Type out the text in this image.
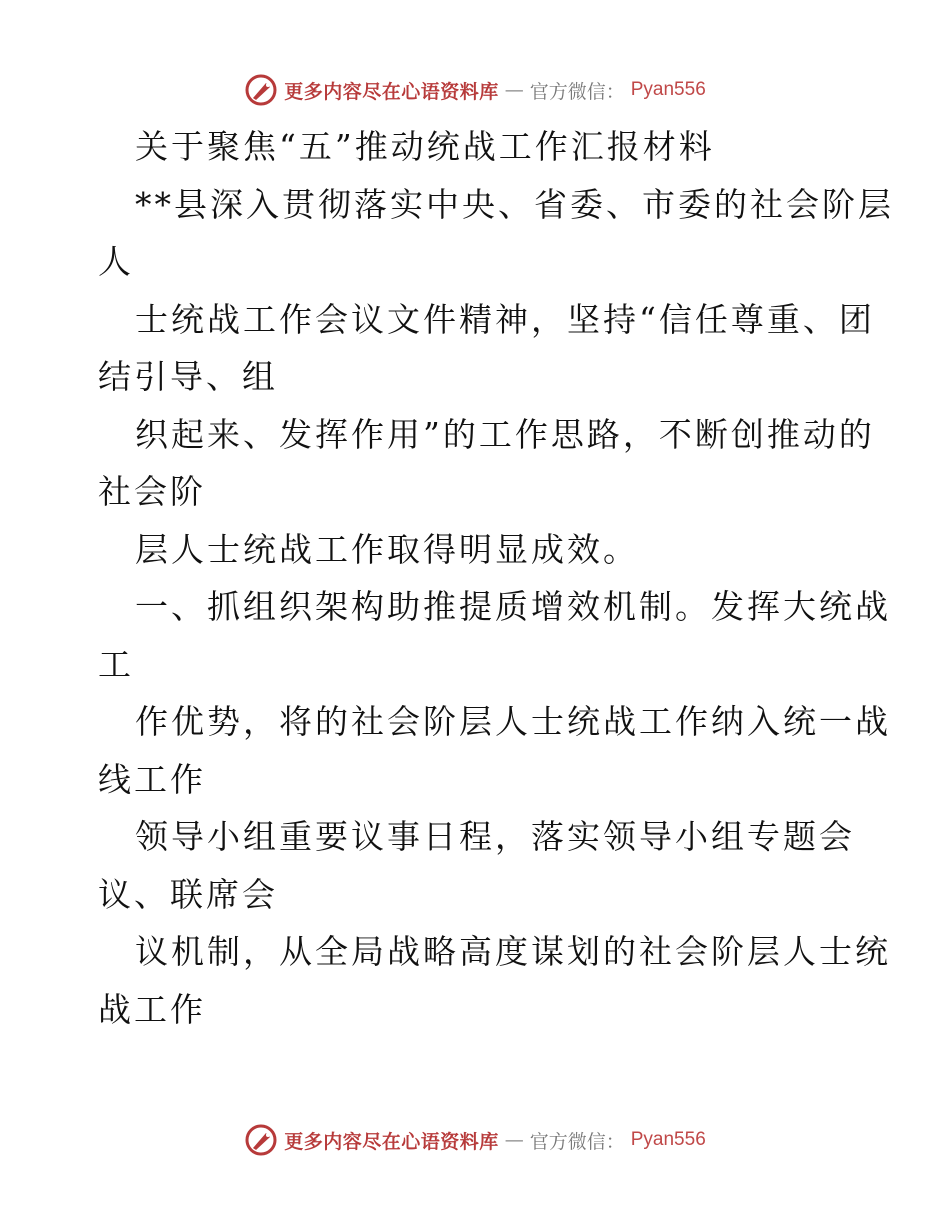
更多内容尽在心语资料库 — 官方微信： Pyan556
关于聚焦“五”推动统战工作汇报材料
**县深入贯彻落实中央、省委、市委的社会阶层
人
士统战工作会议文件精神，坚持“信任尊重、团
结引导、组
织起来、发挥作用”的工作思路，不断创推动的
社会阶
层人士统战工作取得明显成效。
一、抓组织架构助推提质增效机制。发挥大统战
工
作优势，将的社会阶层人士统战工作纳入统一战
线工作
领导小组重要议事日程，落实领导小组专题会
议、联席会
议机制，从全局战略高度谋划的社会阶层人士统
战工作
更多内容尽在心语资料库 — 官方微信： Pyan556
